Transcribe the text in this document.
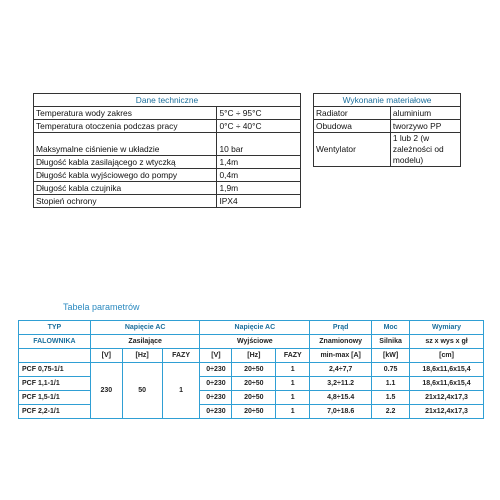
Dane techniczne	
Temperatura wody zakres	5°C ÷ 95°C
Temperatura otoczenia podczas pracy	0°C ÷ 40°C
Maksymalne ciśnienie w układzie	10 bar
Długość kabla zasilającego z wtyczką	1,4m
Długość kabla wyjściowego do pompy	0,4m
Długość kabla czujnika	1,9m
Stopień ochrony	IPX4
Wykonanie materiałowe	
Radiator	aluminium
Obudowa	tworzywo PP
Wentylator	1 lub 2 (w zależności od modelu)
Tabela parametrów
TYP	Napięcie AC			Napięcie AC			Prąd	Moc	Wymiary
FALOWNIKA	Zasilające			Wyjściowe			Znamionowy	Silnika	sz x wys x gł
	[V]	[Hz]	FAZY	[V]	[Hz]	FAZY	min-max [A]	[kW]	[cm]
PCF 0,75-1/1	230	50	1	0÷230	20÷50	1	2,4÷7,7	0.75	18,6x11,6x15,4
PCF 1,1-1/1				0÷230	20÷50	1	3,2÷11.2	1.1	18,6x11,6x15,4
PCF 1,5-1/1				0÷230	20÷50	1	4,8÷15.4	1.5	21x12,4x17,3
PCF 2,2-1/1				0÷230	20÷50	1	7,0÷18.6	2.2	21x12,4x17,3
